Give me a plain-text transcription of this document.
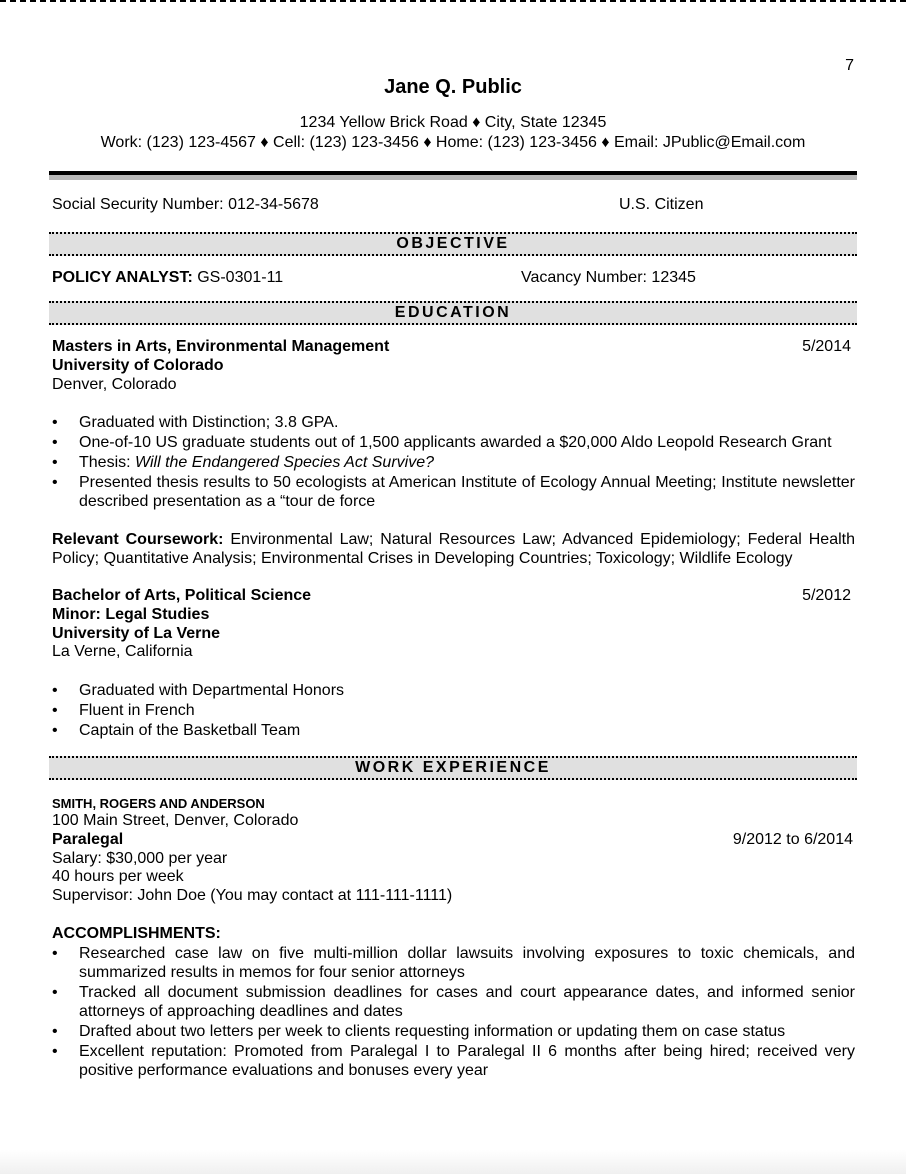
7
Jane Q. Public
1234 Yellow Brick Road ♦ City, State 12345
Work: (123) 123-4567 ♦ Cell: (123) 123-3456 ♦ Home: (123) 123-3456 ♦ Email: JPublic@Email.com
Social Security Number: 012-34-5678	U.S. Citizen
OBJECTIVE
POLICY ANALYST: GS-0301-11	Vacancy Number: 12345
EDUCATION
Masters in Arts, Environmental Management	5/2014
University of Colorado
Denver, Colorado
• Graduated with Distinction; 3.8 GPA.
• One-of-10 US graduate students out of 1,500 applicants awarded a $20,000 Aldo Leopold Research Grant
• Thesis: Will the Endangered Species Act Survive?
• Presented thesis results to 50 ecologists at American Institute of Ecology Annual Meeting; Institute newsletter described presentation as a “tour de force
Relevant Coursework: Environmental Law; Natural Resources Law; Advanced Epidemiology; Federal Health Policy; Quantitative Analysis; Environmental Crises in Developing Countries; Toxicology; Wildlife Ecology
Bachelor of Arts, Political Science	5/2012
Minor: Legal Studies
University of La Verne
La Verne, California
• Graduated with Departmental Honors
• Fluent in French
• Captain of the Basketball Team
WORK EXPERIENCE
SMITH, ROGERS AND ANDERSON
100 Main Street, Denver, Colorado
Paralegal	9/2012 to 6/2014
Salary: $30,000 per year
40 hours per week
Supervisor: John Doe (You may contact at 111-111-1111)
ACCOMPLISHMENTS:
• Researched case law on five multi-million dollar lawsuits involving exposures to toxic chemicals, and summarized results in memos for four senior attorneys
• Tracked all document submission deadlines for cases and court appearance dates, and informed senior attorneys of approaching deadlines and dates
• Drafted about two letters per week to clients requesting information or updating them on case status
• Excellent reputation: Promoted from Paralegal I to Paralegal II 6 months after being hired; received very positive performance evaluations and bonuses every year
